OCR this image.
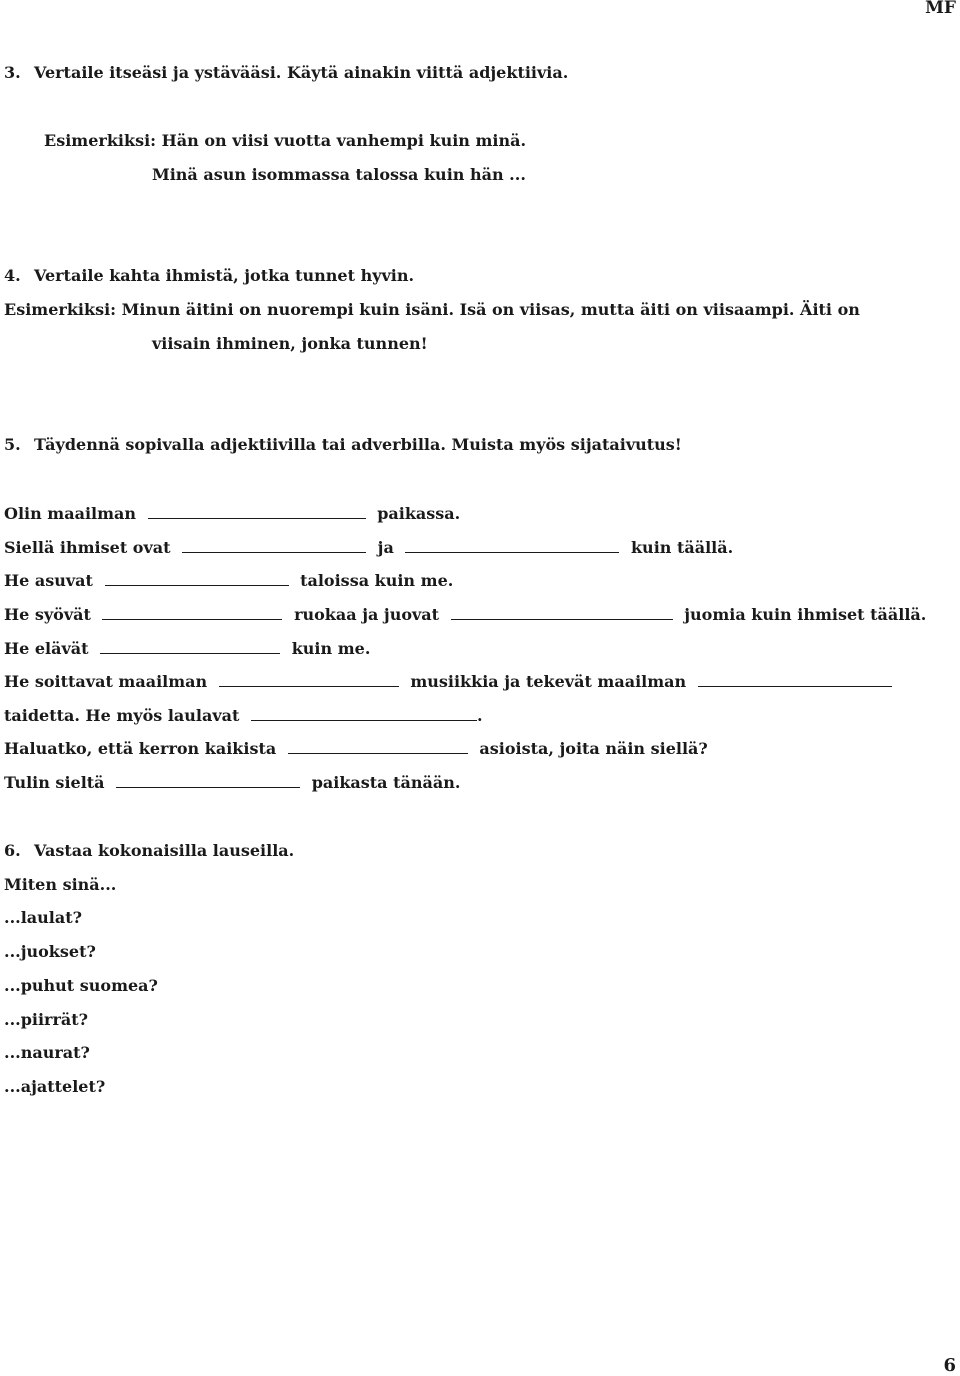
MF
3. Vertaile itseäsi ja ystävääsi. Käytä ainakin viittä adjektiivia.
Esimerkiksi: Hän on viisi vuotta vanhempi kuin minä.
Minä asun isommassa talossa kuin hän ...
4. Vertaile kahta ihmistä, jotka tunnet hyvin.
Esimerkiksi: Minun äitini on nuorempi kuin isäni. Isä on viisas, mutta äiti on viisaampi. Äiti on
viisain ihminen, jonka tunnen!
5. Täydennä sopivalla adjektiivilla tai adverbilla. Muista myös sijataivutus!
Olin maailman	paikassa.
Siellä ihmiset ovat	ja	kuin täällä.
He asuvat	taloissa kuin me.
He syövät	ruokaa ja juovat	juomia kuin ihmiset täällä.
He elävät	kuin me.
He soittavat maailman	musiikkia ja tekevät maailman
taidetta. He myös laulavat	.
Haluatko, että kerron kaikista	asioista, joita näin siellä?
Tulin sieltä	paikasta tänään.
6. Vastaa kokonaisilla lauseilla.
Miten sinä...
...laulat?
...juokset?
...puhut suomea?
...piirrät?
...naurat?
...ajattelet?
6
